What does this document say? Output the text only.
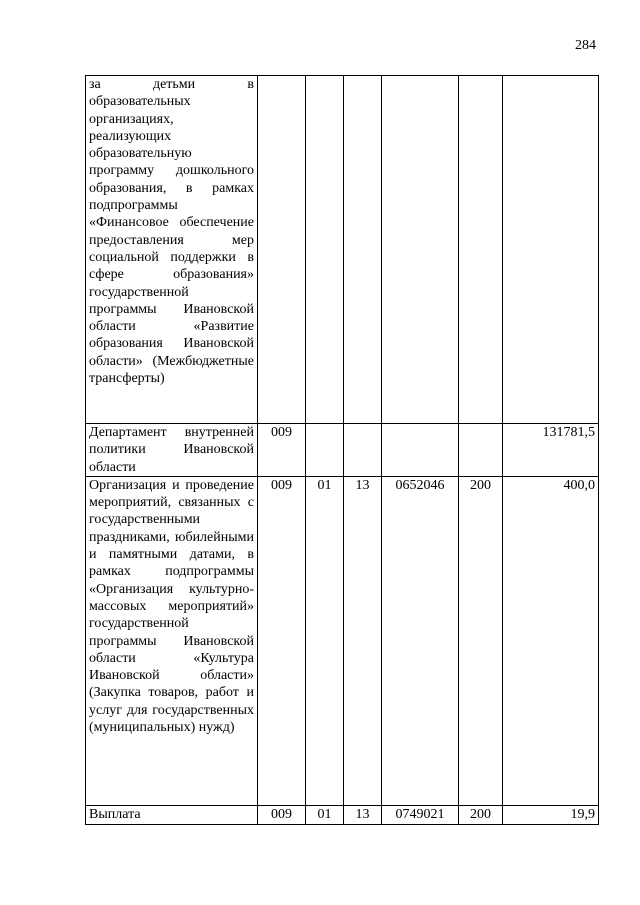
284
за детьми в образовательных организациях, реализующих образовательную программу дошкольного образования, в рамках подпрограммы «Финансовое обеспечение предоставления мер социальной поддержки в сфере образования» государственной программы Ивановской области «Развитие образования Ивановской области» (Межбюджетные трансферты)						
Департамент внутренней политики Ивановской области	009					131781,5
Организация и проведение мероприятий, связанных с государственными праздниками, юбилейными и памятными датами, в рамках подпрограммы «Организация культурно-массовых мероприятий» государственной программы Ивановской области «Культура Ивановской области» (Закупка товаров, работ и услуг для государственных (муниципальных) нужд)	009	01	13	0652046	200	400,0
Выплата	009	01	13	0749021	200	19,9
